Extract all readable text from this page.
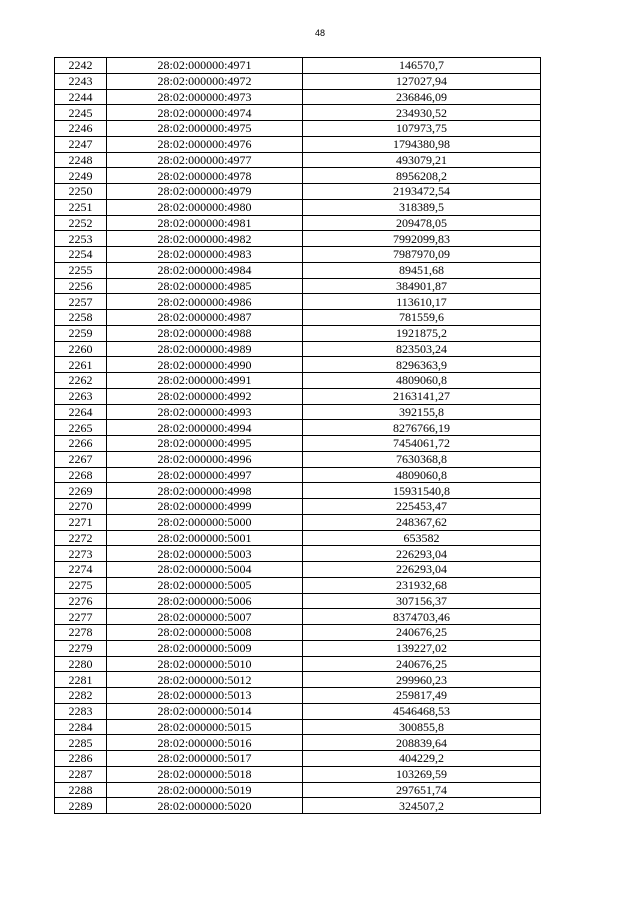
48
2242	28:02:000000:4971	146570,7
2243	28:02:000000:4972	127027,94
2244	28:02:000000:4973	236846,09
2245	28:02:000000:4974	234930,52
2246	28:02:000000:4975	107973,75
2247	28:02:000000:4976	1794380,98
2248	28:02:000000:4977	493079,21
2249	28:02:000000:4978	8956208,2
2250	28:02:000000:4979	2193472,54
2251	28:02:000000:4980	318389,5
2252	28:02:000000:4981	209478,05
2253	28:02:000000:4982	7992099,83
2254	28:02:000000:4983	7987970,09
2255	28:02:000000:4984	89451,68
2256	28:02:000000:4985	384901,87
2257	28:02:000000:4986	113610,17
2258	28:02:000000:4987	781559,6
2259	28:02:000000:4988	1921875,2
2260	28:02:000000:4989	823503,24
2261	28:02:000000:4990	8296363,9
2262	28:02:000000:4991	4809060,8
2263	28:02:000000:4992	2163141,27
2264	28:02:000000:4993	392155,8
2265	28:02:000000:4994	8276766,19
2266	28:02:000000:4995	7454061,72
2267	28:02:000000:4996	7630368,8
2268	28:02:000000:4997	4809060,8
2269	28:02:000000:4998	15931540,8
2270	28:02:000000:4999	225453,47
2271	28:02:000000:5000	248367,62
2272	28:02:000000:5001	653582
2273	28:02:000000:5003	226293,04
2274	28:02:000000:5004	226293,04
2275	28:02:000000:5005	231932,68
2276	28:02:000000:5006	307156,37
2277	28:02:000000:5007	8374703,46
2278	28:02:000000:5008	240676,25
2279	28:02:000000:5009	139227,02
2280	28:02:000000:5010	240676,25
2281	28:02:000000:5012	299960,23
2282	28:02:000000:5013	259817,49
2283	28:02:000000:5014	4546468,53
2284	28:02:000000:5015	300855,8
2285	28:02:000000:5016	208839,64
2286	28:02:000000:5017	404229,2
2287	28:02:000000:5018	103269,59
2288	28:02:000000:5019	297651,74
2289	28:02:000000:5020	324507,2
